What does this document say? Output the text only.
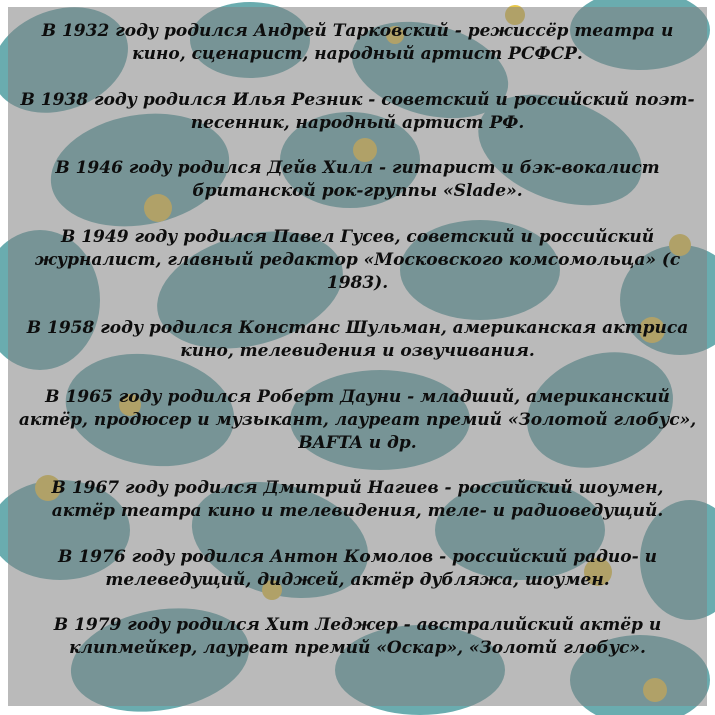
В 1932 году родился Андрей Тарковский - режиссёр театра и кино, сценарист, народный артист РСФСР.

В 1938 году родился Илья Резник - советский и российский поэт-песенник, народный артист РФ.

В 1946 году родился Дейв Хилл - гитарист и бэк-вокалист британской рок-группы «Slade».

В 1949 году родился Павел Гусев, советский и российский журналист, главный редактор «Московского комсомольца» (с 1983).

В 1958 году родился Констанс Шульман, американская актриса кино, телевидения и озвучивания.

В 1965 году родился Роберт Дауни - младший, американский актёр, продюсер и музыкант, лауреат премий «Золотой глобус», BAFTA и др.

В 1967 году родился Дмитрий Нагиев - российский шоумен, актёр театра кино и телевидения, теле- и радиоведущий.

В 1976 году родился Антон Комолов - российский радио- и телеведущий, диджей, актёр дубляжа, шоумен.

В 1979 году родился Хит Леджер - австралийский актёр и клипмейкер, лауреат премий «Оскар», «Золотй глобус».
